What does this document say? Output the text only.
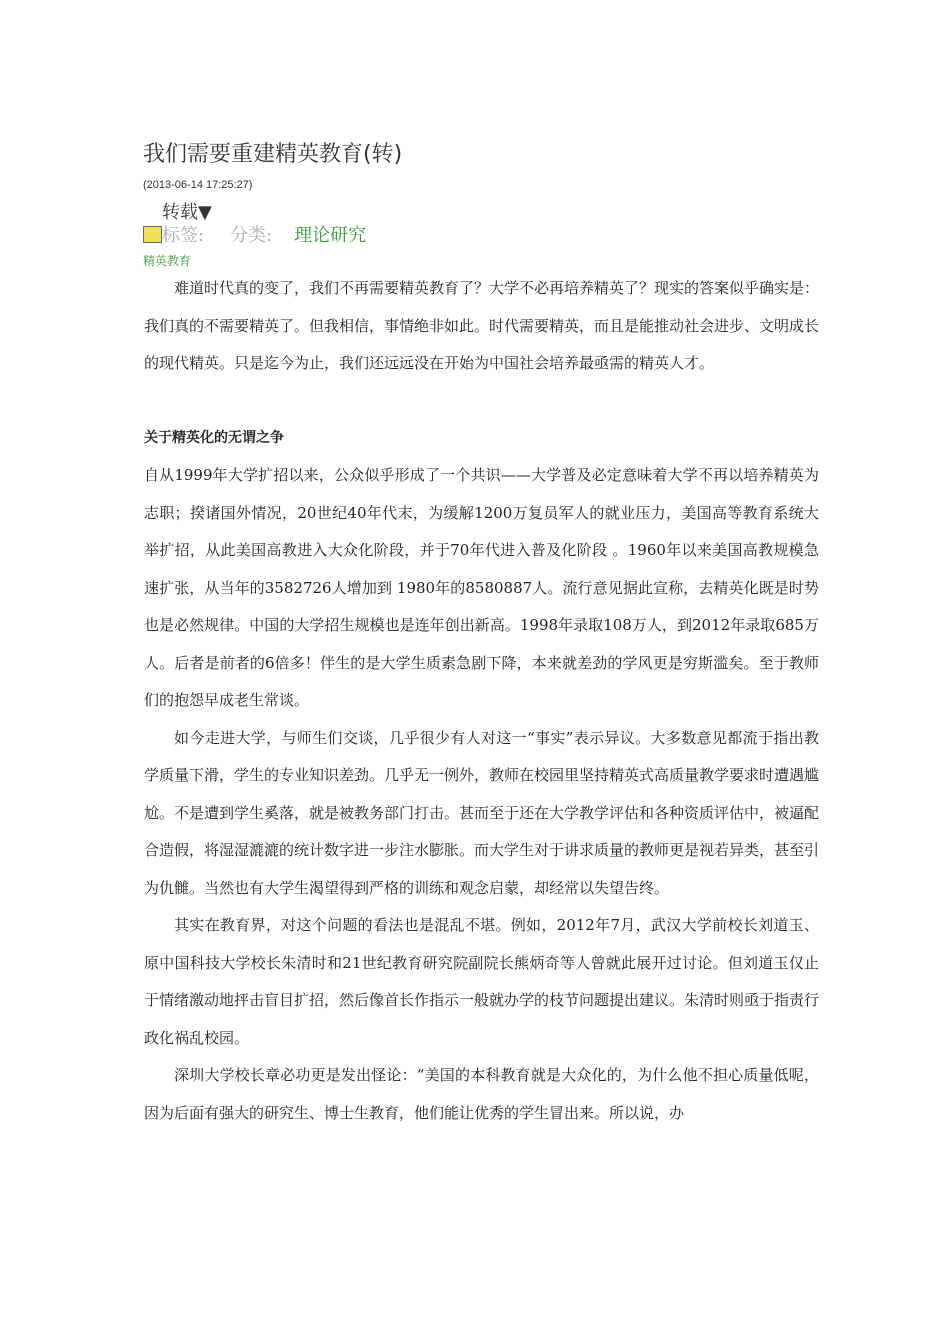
我们需要重建精英教育(转)
(2013-06-14 17:25:27)
转载▼
标签: 分类: 理论研究
精英教育

难道时代真的变了，我们不再需要精英教育了？大学不必再培养精英了？现实的答案似乎确实是：我们真的不需要精英了。但我相信，事情绝非如此。时代需要精英，而且是能推动社会进步、文明成长的现代精英。只是迄今为止，我们还远远没在开始为中国社会培养最亟需的精英人才。

关于精英化的无谓之争

自从1999年大学扩招以来，公众似乎形成了一个共识——大学普及必定意味着大学不再以培养精英为志职；揆诸国外情况，20世纪40年代末，为缓解1200万复员军人的就业压力，美国高等教育系统大举扩招，从此美国高教进入大众化阶段，并于70年代进入普及化阶段 。1960年以来美国高教规模急速扩张，从当年的3582726人增加到 1980年的8580887人。流行意见据此宣称，去精英化既是时势也是必然规律。中国的大学招生规模也是连年创出新高。1998年录取108万人，到2012年录取685万人。后者是前者的6倍多！伴生的是大学生质素急剧下降，本来就差劲的学风更是穷斯滥矣。至于教师们的抱怨早成老生常谈。

如今走进大学，与师生们交谈，几乎很少有人对这一“事实”表示异议。大多数意见都流于指出教学质量下滑，学生的专业知识差劲。几乎无一例外，教师在校园里坚持精英式高质量教学要求时遭遇尴尬。不是遭到学生奚落，就是被教务部门打击。甚而至于还在大学教学评估和各种资质评估中，被逼配合造假，将湿湿漉漉的统计数字进一步注水膨胀。而大学生对于讲求质量的教师更是视若异类，甚至引为仇雠。当然也有大学生渴望得到严格的训练和观念启蒙，却经常以失望告终。

其实在教育界，对这个问题的看法也是混乱不堪。例如，2012年7月，武汉大学前校长刘道玉、原中国科技大学校长朱清时和21世纪教育研究院副院长熊炳奇等人曾就此展开过讨论。但刘道玉仅止于情绪激动地抨击盲目扩招，然后像首长作指示一般就办学的枝节问题提出建议。朱清时则亟于指责行政化祸乱校园。

深圳大学校长章必功更是发出怪论：“美国的本科教育就是大众化的，为什么他不担心质量低呢，因为后面有强大的研究生、博士生教育，他们能让优秀的学生冒出来。所以说，办
